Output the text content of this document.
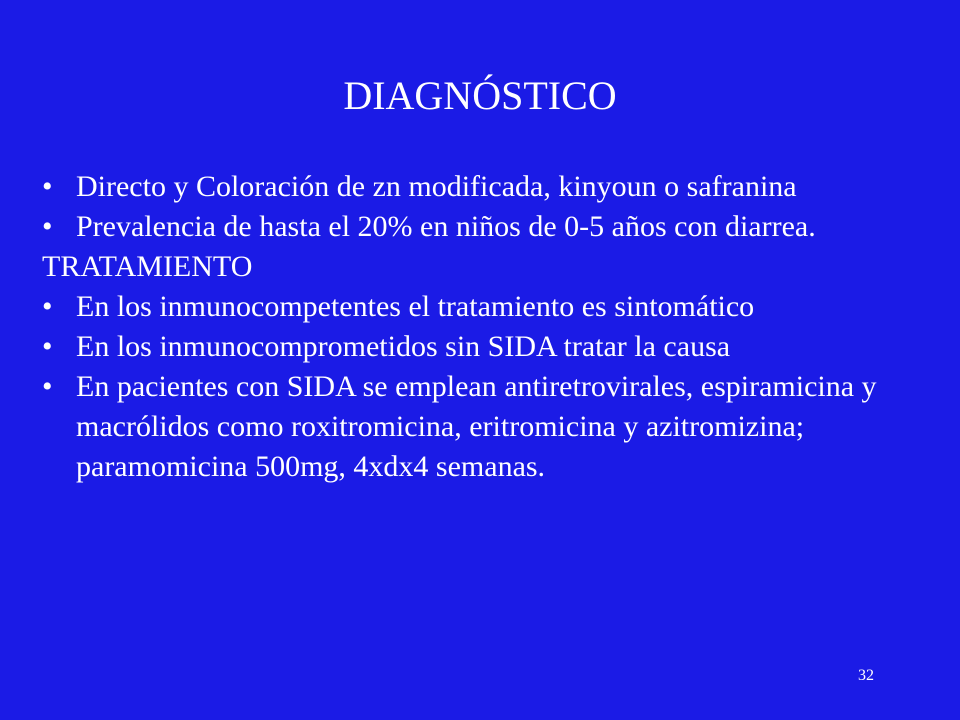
DIAGNÓSTICO
• Directo y Coloración de zn modificada, kinyoun o safranina
• Prevalencia de hasta el 20% en niños de 0-5 años con diarrea.
TRATAMIENTO
• En los inmunocompetentes el tratamiento es sintomático
• En los inmunocomprometidos sin SIDA tratar la causa
• En pacientes con SIDA se emplean antiretrovirales, espiramicina y macrólidos como roxitromicina, eritromicina y azitromizina; paramomicina 500mg, 4xdx4 semanas.
32
